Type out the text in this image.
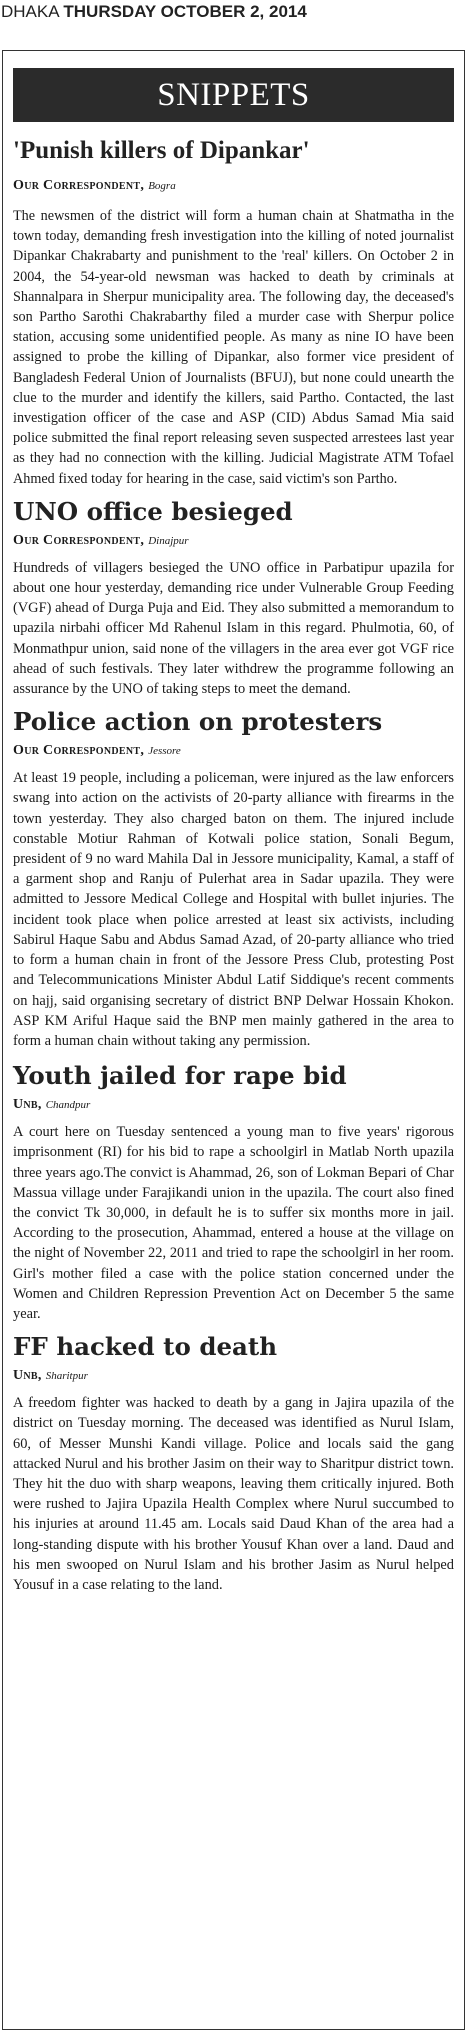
DHAKA THURSDAY OCTOBER 2, 2014
SNIPPETS
'Punish killers of Dipankar'

Our Correspondent, Bogra

The newsmen of the district will form a human chain at Shatmatha in the town today, demanding fresh investigation into the killing of noted journalist Dipankar Chakrabarty and punishment to the 'real' killers. On October 2 in 2004, the 54-year-old newsman was hacked to death by criminals at Shannalpara in Sherpur municipality area. The following day, the deceased's son Partho Sarothi Chakrabarthy filed a murder case with Sherpur police station, accusing some unidentified people. As many as nine IO have been assigned to probe the killing of Dipankar, also former vice president of Bangladesh Federal Union of Journalists (BFUJ), but none could unearth the clue to the murder and identify the killers, said Partho. Contacted, the last investigation officer of the case and ASP (CID) Abdus Samad Mia said police submitted the final report releasing seven suspected arrestees last year as they had no connection with the killing. Judicial Magistrate ATM Tofael Ahmed fixed today for hearing in the case, said victim's son Partho.

UNO office besieged

Our Correspondent, Dinajpur

Hundreds of villagers besieged the UNO office in Parbatipur upazila for about one hour yesterday, demanding rice under Vulnerable Group Feeding (VGF) ahead of Durga Puja and Eid. They also submitted a memorandum to upazila nirbahi officer Md Rahenul Islam in this regard. Phulmotia, 60, of Monmathpur union, said none of the villagers in the area ever got VGF rice ahead of such festivals. They later withdrew the programme following an assurance by the UNO of taking steps to meet the demand.

Police action on protesters

Our Correspondent, Jessore

At least 19 people, including a policeman, were injured as the law enforcers swang into action on the activists of 20-party alliance with firearms in the town yesterday. They also charged baton on them. The injured include constable Motiur Rahman of Kotwali police station, Sonali Begum, president of 9 no ward Mahila Dal in Jessore municipality, Kamal, a staff of a garment shop and Ranju of Pulerhat area in Sadar upazila. They were admitted to Jessore Medical College and Hospital with bullet injuries. The incident took place when police arrested at least six activists, including Sabirul Haque Sabu and Abdus Samad Azad, of 20-party alliance who tried to form a human chain in front of the Jessore Press Club, protesting Post and Telecommunications Minister Abdul Latif Siddique's recent comments on hajj, said organising secretary of district BNP Delwar Hossain Khokon. ASP KM Ariful Haque said the BNP men mainly gathered in the area to form a human chain without taking any permission.

Youth jailed for rape bid

Unb, Chandpur

A court here on Tuesday sentenced a young man to five years' rigorous imprisonment (RI) for his bid to rape a schoolgirl in Matlab North upazila three years ago.The convict is Ahammad, 26, son of Lokman Bepari of Char Massua village under Farajikandi union in the upazila. The court also fined the convict Tk 30,000, in default he is to suffer six months more in jail. According to the prosecution, Ahammad, entered a house at the village on the night of November 22, 2011 and tried to rape the schoolgirl in her room. Girl's mother filed a case with the police station concerned under the Women and Children Repression Prevention Act on December 5 the same year.

FF hacked to death

Unb, Sharitpur

A freedom fighter was hacked to death by a gang in Jajira upazila of the district on Tuesday morning. The deceased was identified as Nurul Islam, 60, of Messer Munshi Kandi village. Police and locals said the gang attacked Nurul and his brother Jasim on their way to Sharitpur district town. They hit the duo with sharp weapons, leaving them critically injured. Both were rushed to Jajira Upazila Health Complex where Nurul succumbed to his injuries at around 11.45 am. Locals said Daud Khan of the area had a long-standing dispute with his brother Yousuf Khan over a land. Daud and his men swooped on Nurul Islam and his brother Jasim as Nurul helped Yousuf in a case relating to the land.
